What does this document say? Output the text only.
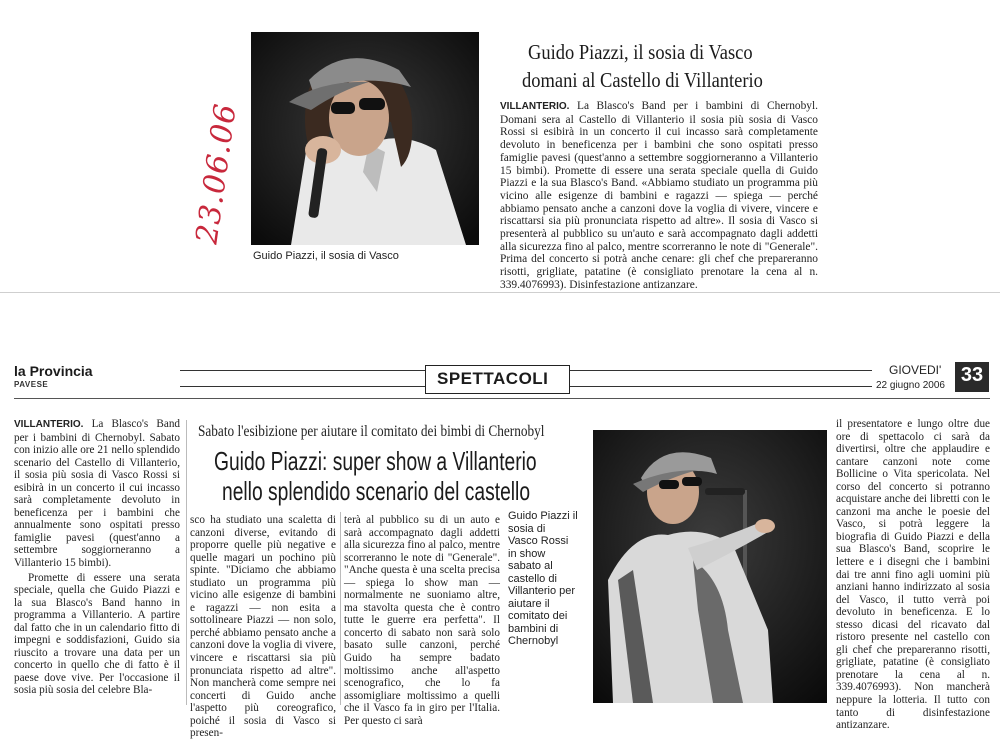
23.06.06
Guido Piazzi, il sosia di Vasco
Guido Piazzi, il sosia di Vasco
domani al Castello di Villanterio
VILLANTERIO. La Blasco's Band per i bambini di Chernobyl. Domani sera al Castello di Villanterio il sosia più sosia di Vasco Rossi si esibirà in un concerto il cui incasso sarà completamente devoluto in beneficenza per i bambini che sono ospitati presso famiglie pavesi (quest'anno a settembre soggiorneranno a Villanterio 15 bimbi). Promette di essere una serata speciale quella di Guido Piazzi e la sua Blasco's Band. «Abbiamo studiato un programma più vicino alle esigenze di bambini e ragazzi — spiega — perché abbiamo pensato anche a canzoni dove la voglia di vivere, vincere e riscattarsi sia più pronunciata rispetto ad altre». Il sosia di Vasco si presenterà al pubblico su un'auto e sarà accompagnato dagli addetti alla sicurezza fino al palco, mentre scorreranno le note di "Generale". Prima del concerto si potrà anche cenare: gli chef che prepareranno risotti, grigliate, patatine (è consigliato prenotare la cena al n. 339.4076993). Disinfestazione antizanzare.
la Provincia
PAVESE	SPETTACOLI	GIOVEDI'
22 giugno 2006 33
VILLANTERIO. La Blasco's Band per i bambini di Chernobyl. Sabato con inizio alle ore 21 nello splendido scenario del Castello di Villanterio, il sosia più sosia di Vasco Rossi si esibirà in un concerto il cui incasso sarà completamente devoluto in beneficenza per i bambini che annualmente sono ospitati presso famiglie pavesi (quest'anno a settembre soggiorneranno a Villanterio 15 bimbi).
Promette di essere una serata speciale, quella che Guido Piazzi e la sua Blasco's Band hanno in programma a Villanterio. A partire dal fatto che in un calendario fitto di impegni e soddisfazioni, Guido sia riuscito a trovare una data per un concerto in quello che di fatto è il paese dove vive. Per l'occasione il sosia più sosia del celebre Bla-
Sabato l'esibizione per aiutare il comitato dei bimbi di Chernobyl
Guido Piazzi: super show a Villanterio
nello splendido scenario del castello
sco ha studiato una scaletta di canzoni diverse, evitando di proporre quelle più negative e quelle magari un pochino più spinte. "Diciamo che abbiamo studiato un programma più vicino alle esigenze di bambini e ragazzi — non esita a sottolineare Piazzi — non solo, perché abbiamo pensato anche a canzoni dove la voglia di vivere, vincere e riscattarsi sia più pronunciata rispetto ad altre". Non mancherà come sempre nei concerti di Guido anche l'aspetto più coreografico, poiché il sosia di Vasco si presen-
terà al pubblico su di un auto e sarà accompagnato dagli addetti alla sicurezza fino al palco, mentre scorreranno le note di "Generale". "Anche questa è una scelta precisa — spiega lo show man — normalmente ne suoniamo altre, ma stavolta questa che è contro tutte le guerre era perfetta". Il concerto di sabato non sarà solo basato sulle canzoni, perché Guido ha sempre badato moltissimo anche all'aspetto scenografico, che lo fa assomigliare moltissimo a quelli che il Vasco fa in giro per l'Italia. Per questo ci sarà
Guido Piazzi il sosia di Vasco Rossi in show sabato al castello di Villanterio per aiutare il comitato dei bambini di Chernobyl
il presentatore e lungo oltre due ore di spettacolo ci sarà da divertirsi, oltre che applaudire e cantare canzoni note come Bollicine o Vita spericolata. Nel corso del concerto si potranno acquistare anche dei libretti con le canzoni ma anche le poesie del Vasco, si potrà leggere la biografia di Guido Piazzi e della sua Blasco's Band, scoprire le lettere e i disegni che i bambini dai tre anni fino agli uomini più anziani hanno indirizzato al sosia del Vasco, il tutto verrà poi devoluto in beneficenza. E lo stesso dicasi del ricavato dal ristoro presente nel castello con gli chef che prepareranno risotti, grigliate, patatine (è consigliato prenotare la cena al n. 339.4076993). Non mancherà neppure la lotteria. Il tutto con tanto di disinfestazione antizanzare.
